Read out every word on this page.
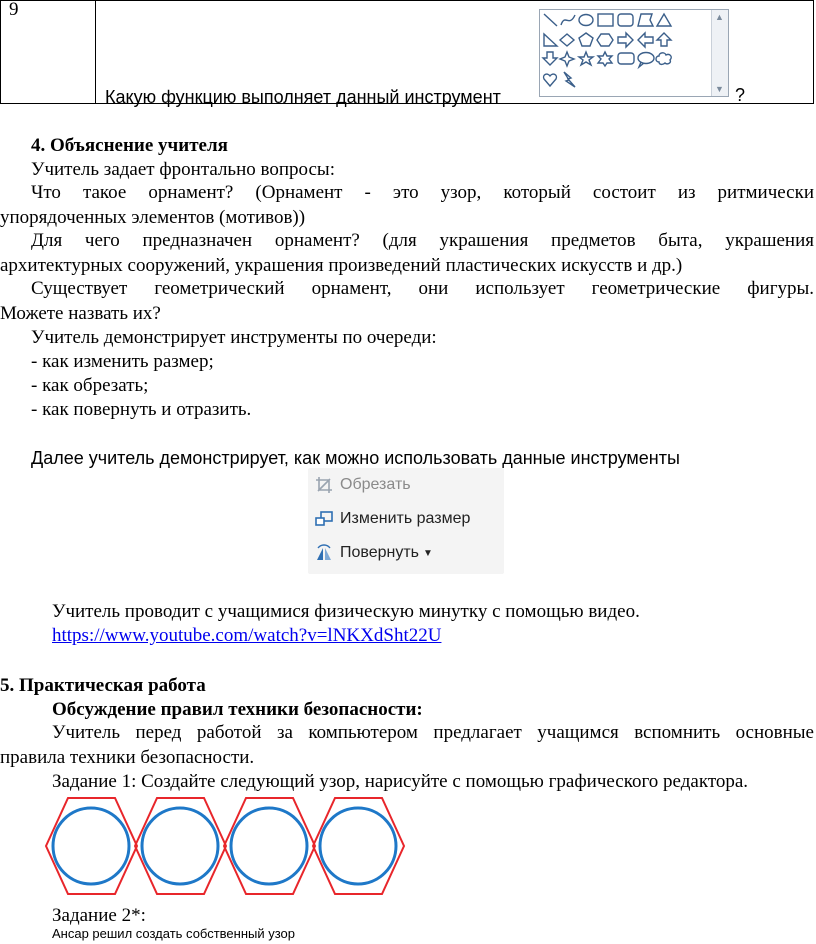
9
Какую функцию выполняет данный инструмент	?
▲
▼
4. Объяснение учителя
Учитель задает фронтально вопросы:
Что такое орнамент? (Орнамент - это узор, который состоит из ритмически
упорядоченных элементов (мотивов))
Для чего предназначен орнамент? (для украшения предметов быта, украшения
архитектурных сооружений, украшения произведений пластических искусств и др.)
Существует геометрический орнамент, они использует геометрические фигуры.
Можете назвать их?
Учитель демонстрирует инструменты по очереди:
- как изменить размер;
- как обрезать;
- как повернуть и отразить.
Далее учитель демонстрирует, как можно использовать данные инструменты
Обрезать
Изменить размер
Повернуть ▼
Учитель проводит с учащимися физическую минутку с помощью видео.
https://www.youtube.com/watch?v=lNKXdSht22U
5. Практическая работа
Обсуждение правил техники безопасности:
Учитель перед работой за компьютером предлагает учащимся вспомнить основные
правила техники безопасности.
Задание 1: Создайте следующий узор, нарисуйте с помощью графического редактора.
Задание 2*:
Ансар решил создать собственный узор
